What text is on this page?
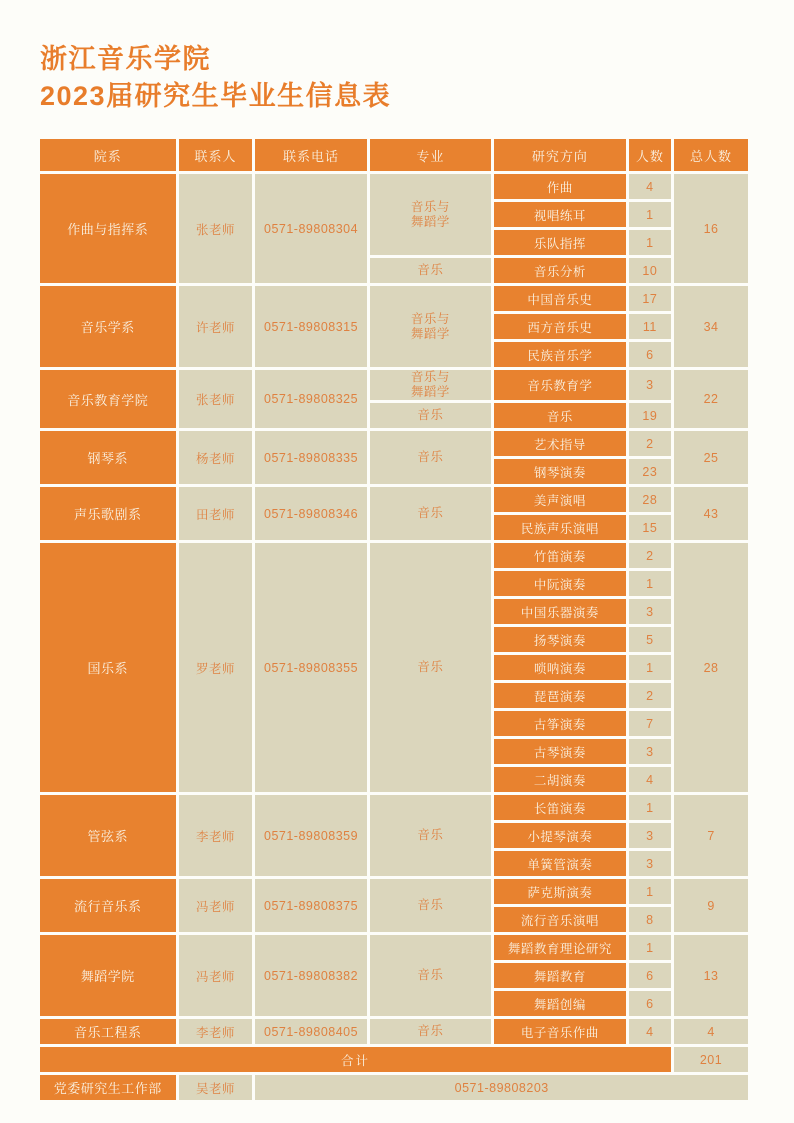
浙江音乐学院
2023届研究生毕业生信息表
院系	联系人	联系电话	专业	研究方向	人数	总人数
作曲与指挥系	张老师	0571-89808304	音乐与舞蹈学	作曲	4	16
				视唱练耳	1	
				乐队指挥	1	

			音乐	音乐分析	10	
音乐学系	许老师	0571-89808315	音乐与舞蹈学	中国音乐史	17	34
				西方音乐史	11	
				民族音乐学	6	
音乐教育学院	张老师	0571-89808325	音乐与舞蹈学	音乐教育学	3	22

			音乐	音乐	19	
钢琴系	杨老师	0571-89808335	音乐	艺术指导	2	25
				钢琴演奏	23	
声乐歌剧系	田老师	0571-89808346	音乐	美声演唱	28	43
				民族声乐演唱	15	
国乐系	罗老师	0571-89808355	音乐	竹笛演奏	2	28
				中阮演奏	1	
				中国乐器演奏	3	
				扬琴演奏	5	
				唢呐演奏	1	
				琵琶演奏	2	
				古筝演奏	7	
				古琴演奏	3	
				二胡演奏	4	
管弦系	李老师	0571-89808359	音乐	长笛演奏	1	7
				小提琴演奏	3	
				单簧管演奏	3	
流行音乐系	冯老师	0571-89808375	音乐	萨克斯演奏	1	9
				流行音乐演唱	8	
舞蹈学院	冯老师	0571-89808382	音乐	舞蹈教育理论研究	1	13
				舞蹈教育	6	
				舞蹈创编	6	
音乐工程系	李老师	0571-89808405	音乐	电子音乐作曲	4	4
合计						201
党委研究生工作部	吴老师	0571-89808203				
